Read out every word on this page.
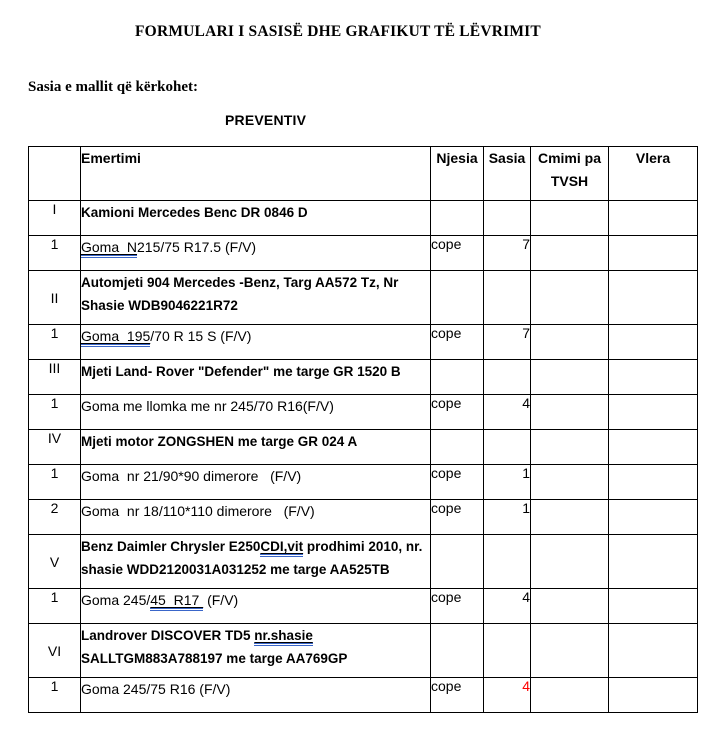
FORMULARI I SASISË DHE GRAFIKUT TË LËVRIMIT
Sasia e mallit që kërkohet:
PREVENTIV
	Emertimi	Njesia	Sasia	Cmimi pa TVSH	Vlera
I	Kamioni Mercedes Benc DR 0846 D				
1	Goma  N215/75 R17.5 (F/V)	cope	7		
II	Automjeti 904 Mercedes -Benz, Targ AA572 Tz, Nr
Shasie WDB9046221R72				
1	Goma  195/70 R 15 S (F/V)	cope	7		
III	Mjeti Land- Rover "Defender" me targe GR 1520 B				
1	Goma me llomka me nr 245/70 R16(F/V)	cope	4		
IV	Mjeti motor ZONGSHEN me targe GR 024 A				
1	Goma  nr 21/90*90 dimerore   (F/V)	cope	1		
2	Goma  nr 18/110*110 dimerore   (F/V)	cope	1		
V	Benz Daimler Chrysler E250CDI,vit prodhimi 2010, nr.
shasie WDD2120031A031252 me targe AA525TB				
1	Goma 245/45  R17  (F/V)	cope	4		
VI	Landrover DISCOVER TD5 nr.shasie
SALLTGM883A788197 me targe AA769GP				
1	Goma 245/75 R16 (F/V)	cope	4		
